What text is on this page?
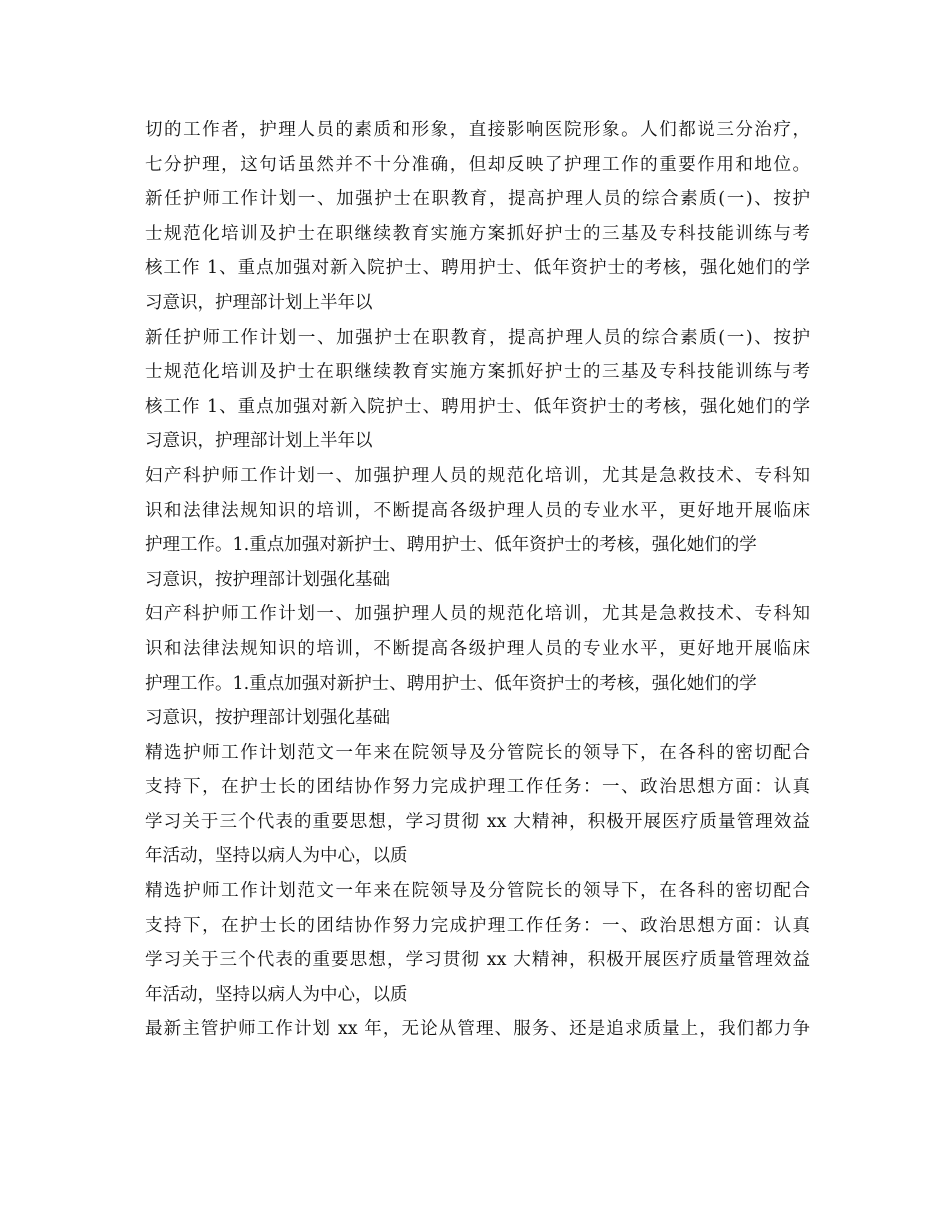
切的工作者，护理人员的素质和形象，直接影响医院形象。人们都说三分治疗，
七分护理，这句话虽然并不十分准确，但却反映了护理工作的重要作用和地位。
新任护师工作计划一、加强护士在职教育，提高护理人员的综合素质(一)、按护
士规范化培训及护士在职继续教育实施方案抓好护士的三基及专科技能训练与考
核工作 1、重点加强对新入院护士、聘用护士、低年资护士的考核，强化她们的学
习意识，护理部计划上半年以
新任护师工作计划一、加强护士在职教育，提高护理人员的综合素质(一)、按护
士规范化培训及护士在职继续教育实施方案抓好护士的三基及专科技能训练与考
核工作 1、重点加强对新入院护士、聘用护士、低年资护士的考核，强化她们的学
习意识，护理部计划上半年以
妇产科护师工作计划一、加强护理人员的规范化培训，尤其是急救技术、专科知
识和法律法规知识的培训，不断提高各级护理人员的专业水平，更好地开展临床
护理工作。1.重点加强对新护士、聘用护士、低年资护士的考核，强化她们的学
习意识，按护理部计划强化基础
妇产科护师工作计划一、加强护理人员的规范化培训，尤其是急救技术、专科知
识和法律法规知识的培训，不断提高各级护理人员的专业水平，更好地开展临床
护理工作。1.重点加强对新护士、聘用护士、低年资护士的考核，强化她们的学
习意识，按护理部计划强化基础
精选护师工作计划范文一年来在院领导及分管院长的领导下，在各科的密切配合
支持下，在护士长的团结协作努力完成护理工作任务：一、政治思想方面：认真
学习关于三个代表的重要思想，学习贯彻 xx 大精神，积极开展医疗质量管理效益
年活动，坚持以病人为中心，以质
精选护师工作计划范文一年来在院领导及分管院长的领导下，在各科的密切配合
支持下，在护士长的团结协作努力完成护理工作任务：一、政治思想方面：认真
学习关于三个代表的重要思想，学习贯彻 xx 大精神，积极开展医疗质量管理效益
年活动，坚持以病人为中心，以质
最新主管护师工作计划 xx 年，无论从管理、服务、还是追求质量上，我们都力争
